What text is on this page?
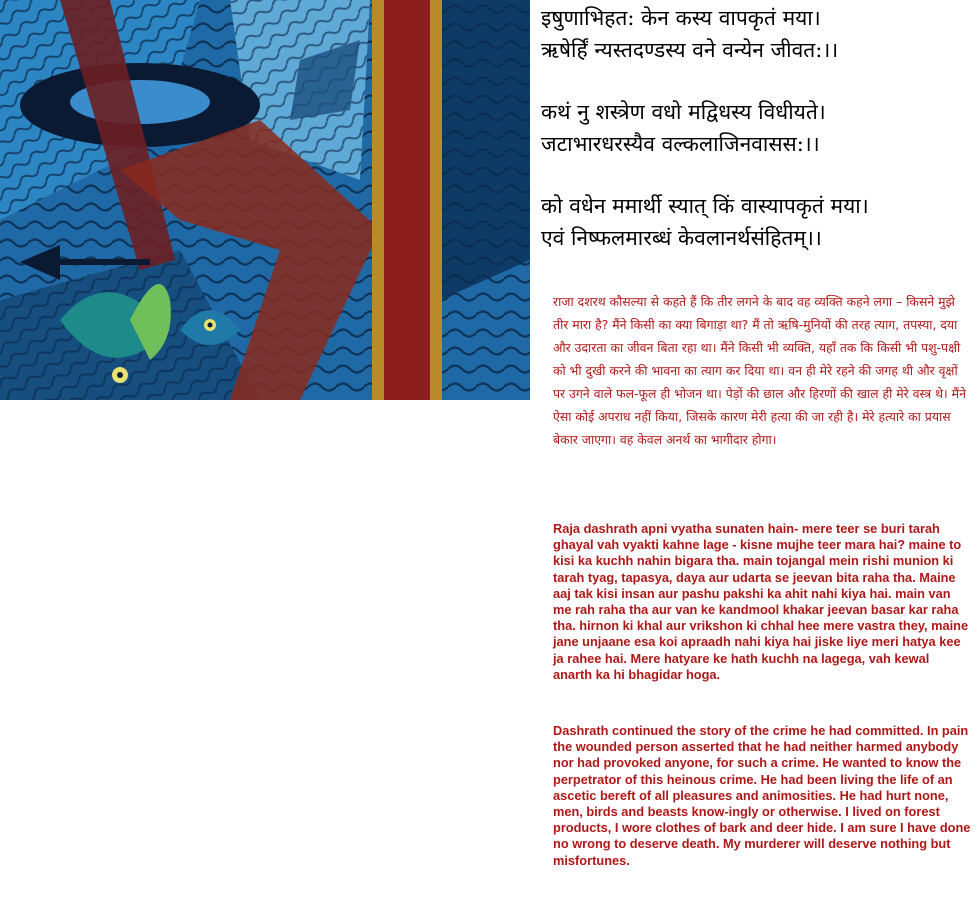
इषुणाभिहत: केन कस्य वापकृतं मया।
ऋषेर्हिं न्यस्तदण्डस्य वने वन्येन जीवत:।।
कथं नु शस्त्रेण वधो मद्विधस्य विधीयते।
जटाभारधरस्यैव वल्कलाजिनवासस:।।
को वधेन ममार्थी स्यात् किं वास्यापकृतं मया।
एवं निष्फलमारब्धं केवलानर्थसंहितम्।।

राजा दशरथ कौसल्या से कहते हैं कि तीर लगने के बाद वह व्यक्ति कहने लगा – किसने मुझे तीर मारा है? मैंने किसी का क्या बिगाड़ा था? मैं तो ऋषि-मुनियों की तरह त्याग, तपस्या, दया और उदारता का जीवन बिता रहा था। मैंने किसी भी व्यक्ति, यहाँ तक कि किसी भी पशु-पक्षी को भी दुखी करने की भावना का त्याग कर दिया था। वन ही मेरे रहने की जगह थी और वृक्षों पर उगने वाले फल-फूल ही भोजन था। पेड़ों की छाल और हिरणों की खाल ही मेरे वस्त्र थे। मैंने ऐसा कोई अपराध नहीं किया, जिसके कारण मेरी हत्या की जा रही है। मेरे हत्यारे का प्रयास बेकार जाएगा। वह केवल अनर्थ का भागीदार होगा।

Raja dashrath apni vyatha sunaten hain- mere teer se buri tarah ghayal vah vyakti kahne lage - kisne mujhe teer mara hai? maine to kisi ka kuchh nahin bigara tha. main tojangal mein rishi munion ki tarah tyag, tapasya, daya aur udarta se jeevan bita raha tha. Maine aaj tak kisi insan aur pashu pakshi ka ahit nahi kiya hai. main van me rah raha tha aur van ke kandmool khakar jeevan basar kar raha tha. hirnon ki khal aur vrikshon ki chhal hee mere vastra they, maine jane unjaane esa koi apraadh nahi kiya hai jiske liye meri hatya kee ja rahee hai. Mere hatyare ke hath kuchh na lagega, vah kewal anarth ka hi bhagidar hoga.

Dashrath continued the story of the crime he had committed. In pain the wounded person asserted that he had neither harmed anybody nor had provoked anyone, for such a crime. He wanted to know the perpetrator of this heinous crime. He had been living the life of an ascetic bereft of all pleasures and animosities. He had hurt none, men, birds and beasts know-ingly or otherwise. I lived on forest products, I wore clothes of bark and deer hide. I am sure I have done no wrong to deserve death. My murderer will deserve nothing but misfortunes.
